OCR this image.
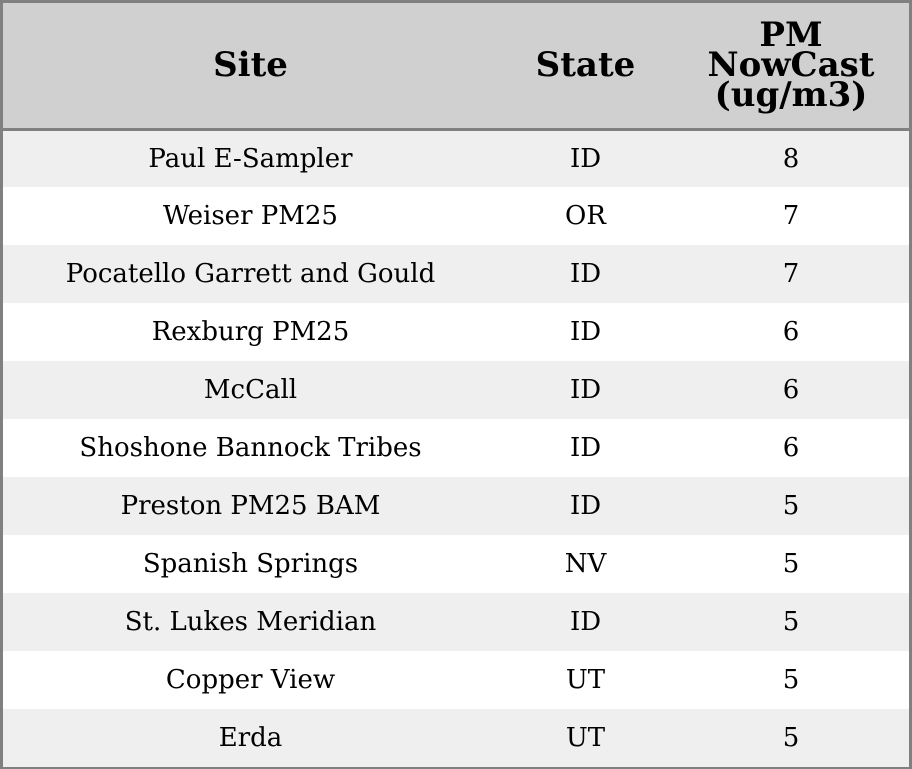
Site	State	PM
NowCast
(ug/m3)

Paul E-Sampler	ID	8
Weiser PM25	OR	7
Pocatello Garrett and Gould	ID	7
Rexburg PM25	ID	6
McCall	ID	6
Shoshone Bannock Tribes	ID	6
Preston PM25 BAM	ID	5
Spanish Springs	NV	5
St. Lukes Meridian	ID	5
Copper View	UT	5
Erda	UT	5
